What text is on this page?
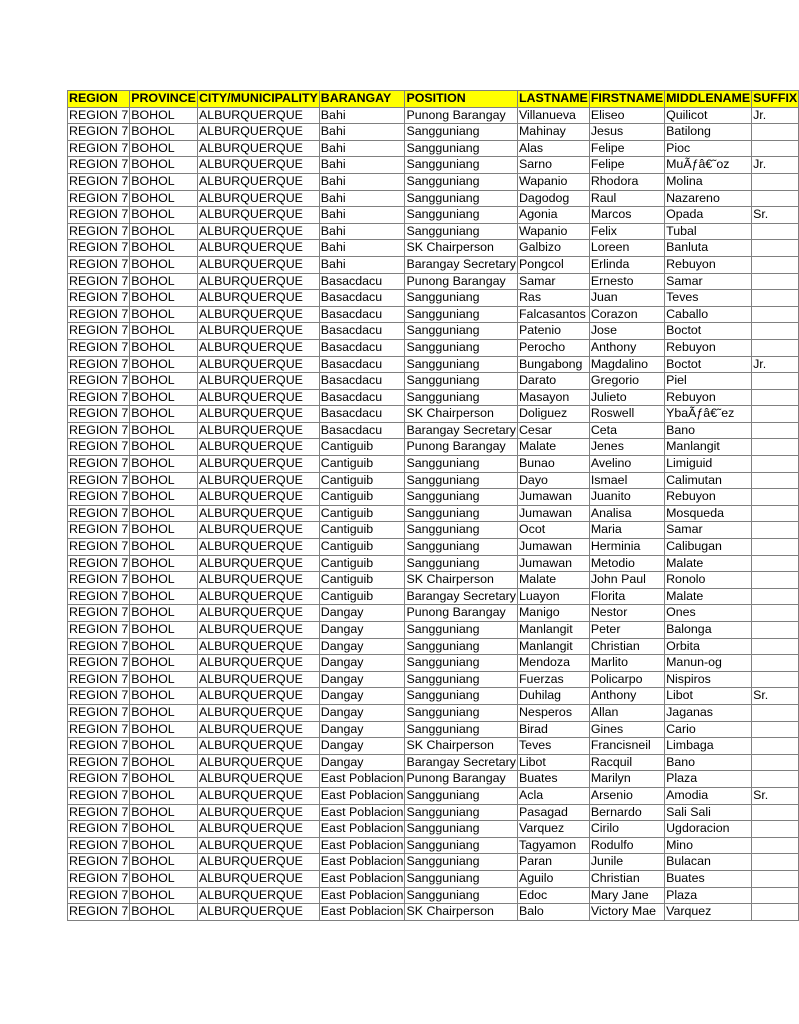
REGION	PROVINCE	CITY/MUNICIPALITY	BARANGAY	POSITION	LASTNAME	FIRSTNAME	MIDDLENAME	SUFFIX
REGION 7	BOHOL	ALBURQUERQUE	Bahi	Punong Barangay	Villanueva	Eliseo	Quilicot	Jr.
REGION 7	BOHOL	ALBURQUERQUE	Bahi	Sangguniang	Mahinay	Jesus	Batilong	
REGION 7	BOHOL	ALBURQUERQUE	Bahi	Sangguniang	Alas	Felipe	Pioc	
REGION 7	BOHOL	ALBURQUERQUE	Bahi	Sangguniang	Sarno	Felipe	MuÃƒâ€˜oz	Jr.
REGION 7	BOHOL	ALBURQUERQUE	Bahi	Sangguniang	Wapanio	Rhodora	Molina	
REGION 7	BOHOL	ALBURQUERQUE	Bahi	Sangguniang	Dagodog	Raul	Nazareno	
REGION 7	BOHOL	ALBURQUERQUE	Bahi	Sangguniang	Agonia	Marcos	Opada	Sr.
REGION 7	BOHOL	ALBURQUERQUE	Bahi	Sangguniang	Wapanio	Felix	Tubal	
REGION 7	BOHOL	ALBURQUERQUE	Bahi	SK Chairperson	Galbizo	Loreen	Banluta	
REGION 7	BOHOL	ALBURQUERQUE	Bahi	Barangay Secretary	Pongcol	Erlinda	Rebuyon	
REGION 7	BOHOL	ALBURQUERQUE	Basacdacu	Punong Barangay	Samar	Ernesto	Samar	
REGION 7	BOHOL	ALBURQUERQUE	Basacdacu	Sangguniang	Ras	Juan	Teves	
REGION 7	BOHOL	ALBURQUERQUE	Basacdacu	Sangguniang	Falcasantos	Corazon	Caballo	
REGION 7	BOHOL	ALBURQUERQUE	Basacdacu	Sangguniang	Patenio	Jose	Boctot	
REGION 7	BOHOL	ALBURQUERQUE	Basacdacu	Sangguniang	Perocho	Anthony	Rebuyon	
REGION 7	BOHOL	ALBURQUERQUE	Basacdacu	Sangguniang	Bungabong	Magdalino	Boctot	Jr.
REGION 7	BOHOL	ALBURQUERQUE	Basacdacu	Sangguniang	Darato	Gregorio	Piel	
REGION 7	BOHOL	ALBURQUERQUE	Basacdacu	Sangguniang	Masayon	Julieto	Rebuyon	
REGION 7	BOHOL	ALBURQUERQUE	Basacdacu	SK Chairperson	Doliguez	Roswell	YbaÃƒâ€˜ez	
REGION 7	BOHOL	ALBURQUERQUE	Basacdacu	Barangay Secretary	Cesar	Ceta	Bano	
REGION 7	BOHOL	ALBURQUERQUE	Cantiguib	Punong Barangay	Malate	Jenes	Manlangit	
REGION 7	BOHOL	ALBURQUERQUE	Cantiguib	Sangguniang	Bunao	Avelino	Limiguid	
REGION 7	BOHOL	ALBURQUERQUE	Cantiguib	Sangguniang	Dayo	Ismael	Calimutan	
REGION 7	BOHOL	ALBURQUERQUE	Cantiguib	Sangguniang	Jumawan	Juanito	Rebuyon	
REGION 7	BOHOL	ALBURQUERQUE	Cantiguib	Sangguniang	Jumawan	Analisa	Mosqueda	
REGION 7	BOHOL	ALBURQUERQUE	Cantiguib	Sangguniang	Ocot	Maria	Samar	
REGION 7	BOHOL	ALBURQUERQUE	Cantiguib	Sangguniang	Jumawan	Herminia	Calibugan	
REGION 7	BOHOL	ALBURQUERQUE	Cantiguib	Sangguniang	Jumawan	Metodio	Malate	
REGION 7	BOHOL	ALBURQUERQUE	Cantiguib	SK Chairperson	Malate	John Paul	Ronolo	
REGION 7	BOHOL	ALBURQUERQUE	Cantiguib	Barangay Secretary	Luayon	Florita	Malate	
REGION 7	BOHOL	ALBURQUERQUE	Dangay	Punong Barangay	Manigo	Nestor	Ones	
REGION 7	BOHOL	ALBURQUERQUE	Dangay	Sangguniang	Manlangit	Peter	Balonga	
REGION 7	BOHOL	ALBURQUERQUE	Dangay	Sangguniang	Manlangit	Christian	Orbita	
REGION 7	BOHOL	ALBURQUERQUE	Dangay	Sangguniang	Mendoza	Marlito	Manun-og	
REGION 7	BOHOL	ALBURQUERQUE	Dangay	Sangguniang	Fuerzas	Policarpo	Nispiros	
REGION 7	BOHOL	ALBURQUERQUE	Dangay	Sangguniang	Duhilag	Anthony	Libot	Sr.
REGION 7	BOHOL	ALBURQUERQUE	Dangay	Sangguniang	Nesperos	Allan	Jaganas	
REGION 7	BOHOL	ALBURQUERQUE	Dangay	Sangguniang	Birad	Gines	Cario	
REGION 7	BOHOL	ALBURQUERQUE	Dangay	SK Chairperson	Teves	Francisneil	Limbaga	
REGION 7	BOHOL	ALBURQUERQUE	Dangay	Barangay Secretary	Libot	Racquil	Bano	
REGION 7	BOHOL	ALBURQUERQUE	East Poblacion	Punong Barangay	Buates	Marilyn	Plaza	
REGION 7	BOHOL	ALBURQUERQUE	East Poblacion	Sangguniang	Acla	Arsenio	Amodia	Sr.
REGION 7	BOHOL	ALBURQUERQUE	East Poblacion	Sangguniang	Pasagad	Bernardo	Sali Sali	
REGION 7	BOHOL	ALBURQUERQUE	East Poblacion	Sangguniang	Varquez	Cirilo	Ugdoracion	
REGION 7	BOHOL	ALBURQUERQUE	East Poblacion	Sangguniang	Tagyamon	Rodulfo	Mino	
REGION 7	BOHOL	ALBURQUERQUE	East Poblacion	Sangguniang	Paran	Junile	Bulacan	
REGION 7	BOHOL	ALBURQUERQUE	East Poblacion	Sangguniang	Aguilo	Christian	Buates	
REGION 7	BOHOL	ALBURQUERQUE	East Poblacion	Sangguniang	Edoc	Mary Jane	Plaza	
REGION 7	BOHOL	ALBURQUERQUE	East Poblacion	SK Chairperson	Balo	Victory Mae	Varquez	
